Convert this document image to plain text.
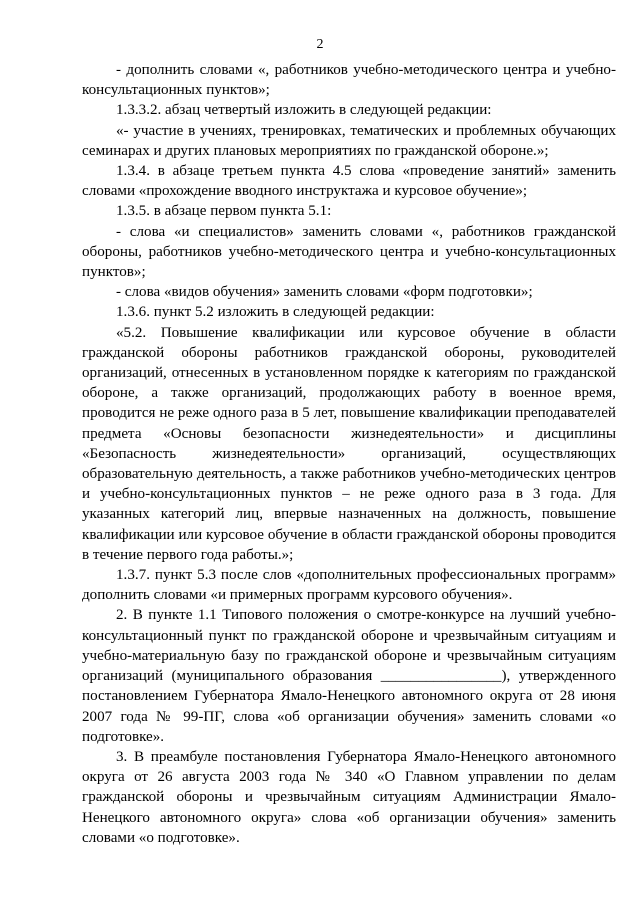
2

- дополнить словами «, работников учебно-методического центра и учебно-консультационных пунктов»;

1.3.3.2. абзац четвертый изложить в следующей редакции:

«- участие в учениях, тренировках, тематических и проблемных обучающих семинарах и других плановых мероприятиях по гражданской обороне.»;

1.3.4. в абзаце третьем пункта 4.5 слова «проведение занятий» заменить словами «прохождение вводного инструктажа и курсовое обучение»;

1.3.5. в абзаце первом пункта 5.1:

- слова «и специалистов» заменить словами «, работников гражданской обороны, работников учебно-методического центра и учебно-консультационных пунктов»;

- слова «видов обучения» заменить словами «форм подготовки»;

1.3.6. пункт 5.2 изложить в следующей редакции:

«5.2. Повышение квалификации или курсовое обучение в области гражданской обороны работников гражданской обороны, руководителей организаций, отнесенных в установленном порядке к категориям по гражданской обороне, а также организаций, продолжающих работу в военное время, проводится не реже одного раза в 5 лет, повышение квалификации преподавателей предмета «Основы безопасности жизнедеятельности» и дисциплины «Безопасность жизнедеятельности» организаций, осуществляющих образовательную деятельность, а также работников учебно-методических центров и учебно-консультационных пунктов – не реже одного раза в 3 года. Для указанных категорий лиц, впервые назначенных на должность, повышение квалификации или курсовое обучение в области гражданской обороны проводится в течение первого года работы.»;

1.3.7. пункт 5.3 после слов «дополнительных профессиональных программ» дополнить словами «и примерных программ курсового обучения».

2. В пункте 1.1 Типового положения о смотре-конкурсе на лучший учебно-консультационный пункт по гражданской обороне и чрезвычайным ситуациям и учебно-материальную базу по гражданской обороне и чрезвычайным ситуациям организаций (муниципального образования ________________), утвержденного постановлением Губернатора Ямало-Ненецкого автономного округа от 28 июня 2007 года № 99-ПГ, слова «об организации обучения» заменить словами «о подготовке».

3. В преамбуле постановления Губернатора Ямало-Ненецкого автономного округа от 26 августа 2003 года № 340 «О Главном управлении по делам гражданской обороны и чрезвычайным ситуациям Администрации Ямало-Ненецкого автономного округа» слова «об организации обучения» заменить словами «о подготовке».
